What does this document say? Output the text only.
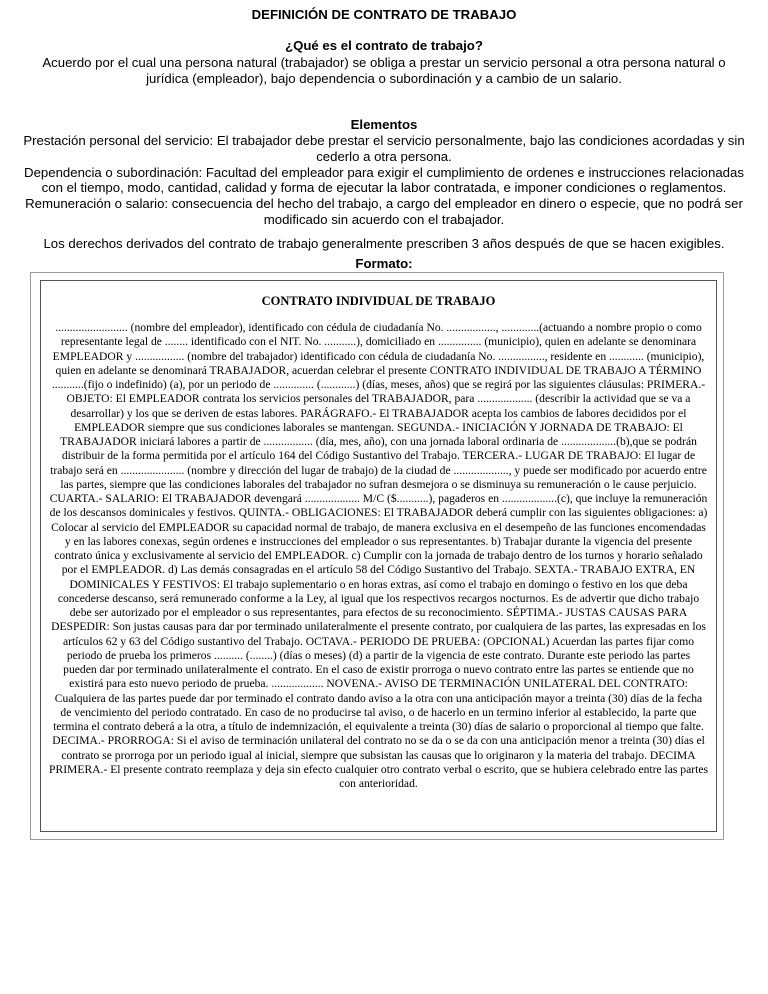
DEFINICIÓN DE CONTRATO DE TRABAJO
¿Qué es el contrato de trabajo?
Acuerdo por el cual una persona natural (trabajador) se obliga a prestar un servicio personal a otra persona natural o jurídica (empleador), bajo dependencia o subordinación y a cambio de un salario.
Elementos

Prestación personal del servicio: El trabajador debe prestar el servicio personalmente, bajo las condiciones acordadas y sin cederlo a otra persona.

Dependencia o subordinación: Facultad del empleador para exigir el cumplimiento de ordenes e instrucciones relacionadas con el tiempo, modo, cantidad, calidad y forma de ejecutar la labor contratada, e imponer condiciones o reglamentos.

Remuneración o salario: consecuencia del hecho del trabajo, a cargo del empleador en dinero o especie, que no podrá ser modificado sin acuerdo con el trabajador.

Los derechos derivados del contrato de trabajo generalmente prescriben 3 años después de que se hacen exigibles.
Formato:
CONTRATO INDIVIDUAL DE TRABAJO

......................... (nombre del empleador), identificado con cédula de ciudadanía No. ................., .............(actuando a nombre propio o como representante legal de ........ identificado con el NIT. No. ...........), domiciliado en ............... (municipio), quien en adelante se denominara EMPLEADOR y ................. (nombre del trabajador) identificado con cédula de ciudadanía No. ................, residente en ............ (municipio), quien en adelante se denominará TRABAJADOR, acuerdan celebrar el presente CONTRATO INDIVIDUAL DE TRABAJO A TÉRMINO ...........(fijo o indefinido) (a), por un periodo de .............. (............) (días, meses, años) que se regirá por las siguientes cláusulas: PRIMERA.- OBJETO: El EMPLEADOR contrata los servicios personales del TRABAJADOR, para ................... (describir la actividad que se va a desarrollar) y los que se deriven de estas labores. PARÁGRAFO.- El TRABAJADOR acepta los cambios de labores decididos por el EMPLEADOR siempre que sus condiciones laborales se mantengan. SEGUNDA.- INICIACIÓN Y JORNADA DE TRABAJO: El TRABAJADOR iniciará labores a partir de ................. (día, mes, año), con una jornada laboral ordinaria de ...................(b),que se podrán distribuir de la forma permitida por el artículo 164 del Código Sustantivo del Trabajo. TERCERA.- LUGAR DE TRABAJO: El lugar de trabajo será en ...................... (nombre y dirección del lugar de trabajo) de la ciudad de ..................., y puede ser modificado por acuerdo entre las partes, siempre que las condiciones laborales del trabajador no sufran desmejora o se disminuya su remuneración o le cause perjuicio. CUARTA.- SALARIO: El TRABAJADOR devengará ................... M/C ($...........), pagaderos en ...................(c), que incluye la remuneración de los descansos dominicales y festivos. QUINTA.- OBLIGACIONES: El TRABAJADOR deberá cumplir con las siguientes obligaciones: a) Colocar al servicio del EMPLEADOR su capacidad normal de trabajo, de manera exclusiva en el desempeño de las funciones encomendadas y en las labores conexas, según ordenes e instrucciones del empleador o sus representantes. b) Trabajar durante la vigencia del presente contrato única y exclusivamente al servicio del EMPLEADOR. c) Cumplir con la jornada de trabajo dentro de los turnos y horario señalado por el EMPLEADOR. d) Las demás consagradas en el artículo 58 del Código Sustantivo del Trabajo. SEXTA.- TRABAJO EXTRA, EN DOMINICALES Y FESTIVOS: El trabajo suplementario o en horas extras, así como el trabajo en domingo o festivo en los que deba concederse descanso, será remunerado conforme a la Ley, al igual que los respectivos recargos nocturnos. Es de advertir que dicho trabajo debe ser autorizado por el empleador o sus representantes, para efectos de su reconocimiento. SÉPTIMA.- JUSTAS CAUSAS PARA DESPEDIR: Son justas causas para dar por terminado unilateralmente el presente contrato, por cualquiera de las partes, las expresadas en los artículos 62 y 63 del Código sustantivo del Trabajo. OCTAVA.- PERIODO DE PRUEBA: (OPCIONAL) Acuerdan las partes fijar como periodo de prueba los primeros .......... (........) (días o meses) (d) a partir de la vigencia de este contrato. Durante este periodo las partes pueden dar por terminado unilateralmente el contrato. En el caso de existir prorroga o nuevo contrato entre las partes se entiende que no existirá para esto nuevo periodo de prueba. .................. NOVENA.- AVISO DE TERMINACIÓN UNILATERAL DEL CONTRATO: Cualquiera de las partes puede dar por terminado el contrato dando aviso a la otra con una anticipación mayor a treinta (30) días de la fecha de vencimiento del periodo contratado. En caso de no producirse tal aviso, o de hacerlo en un termino inferior al establecido, la parte que termina el contrato deberá a la otra, a título de indemnización, el equivalente a treinta (30) días de salario o proporcional al tiempo que falte. DECIMA.- PRORROGA: Si el aviso de terminación unilateral del contrato no se da o se da con una anticipación menor a treinta (30) días el contrato se prorroga por un periodo igual al inicial, siempre que subsistan las causas que lo originaron y la materia del trabajo. DECIMA PRIMERA.- El presente contrato reemplaza y deja sin efecto cualquier otro contrato verbal o escrito, que se hubiera celebrado entre las partes con anterioridad.
